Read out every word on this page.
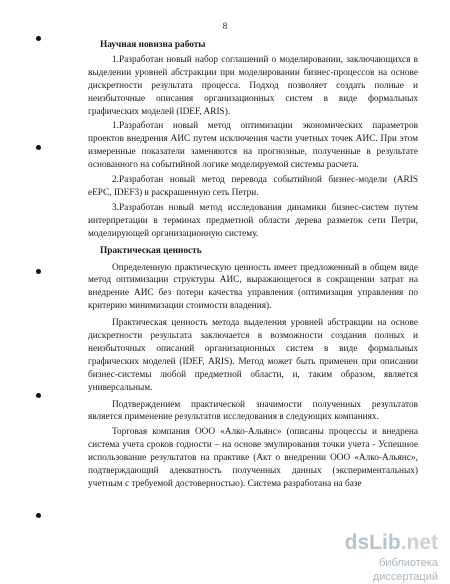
8

Научная новизна работы

1.Разработан новый набор соглашений о моделировании, заключающихся в выделении уровней абстракции при моделировании бизнес-процессов на основе дискретности результата процесса. Подход позволяет создать полные и неизбыточные описания организационных систем в виде формальных графических моделей (IDEF, ARIS).

1.Разработан новый метод оптимизации экономических параметров проектов внедрения АИС путем исключения части учетных точек АИС. При этом измеренные показатели заменяются на прогнозные, полученные в результате основанного на событийной логике моделируемой системы расчета.

2.Разработан новый метод перевода событийной бизнес-модели (ARIS eEPC, IDEF3) в раскрашенную сеть Петри.

3.Разработан новый метод исследования динамики бизнес-систем путем интерпретации в терминах предметной области дерева разметок сети Петри, моделирующей организационную систему.

Практическая ценность

Определенную практическую ценность имеет предложенный в общем виде метод оптимизации структуры АИС, выражающегося в сокращении затрат на внедрение АИС без потери качества управления (оптимизация управления по критерию минимизации стоимости владения).

Практическая ценность метода выделения уровней абстракции на основе дискретности результата заключается в возможности создания полных и неизбыточных описаний организационных систем в виде формальных графических моделей (IDEF, ARIS). Метод может быть применен при описании бизнес-системы любой предметной области, и, таким образом, является универсальным.

Подтверждением практической значимости полученных результатов является применение результатов исследования в следующих компаниях.

Торговая компания ООО «Алко-Альянс» (описаны процессы и внедрена система учета сроков годности – на основе эмулирования точки учета - Успешное использование результатов на практике (Акт о внедрении ООО «Алко-Альянс», подтверждающий адекватность полученных данных (экспериментальных) учетным с требуемой достоверностью). Система разработана на базе

dsLib.net
библиотека диссертаций
